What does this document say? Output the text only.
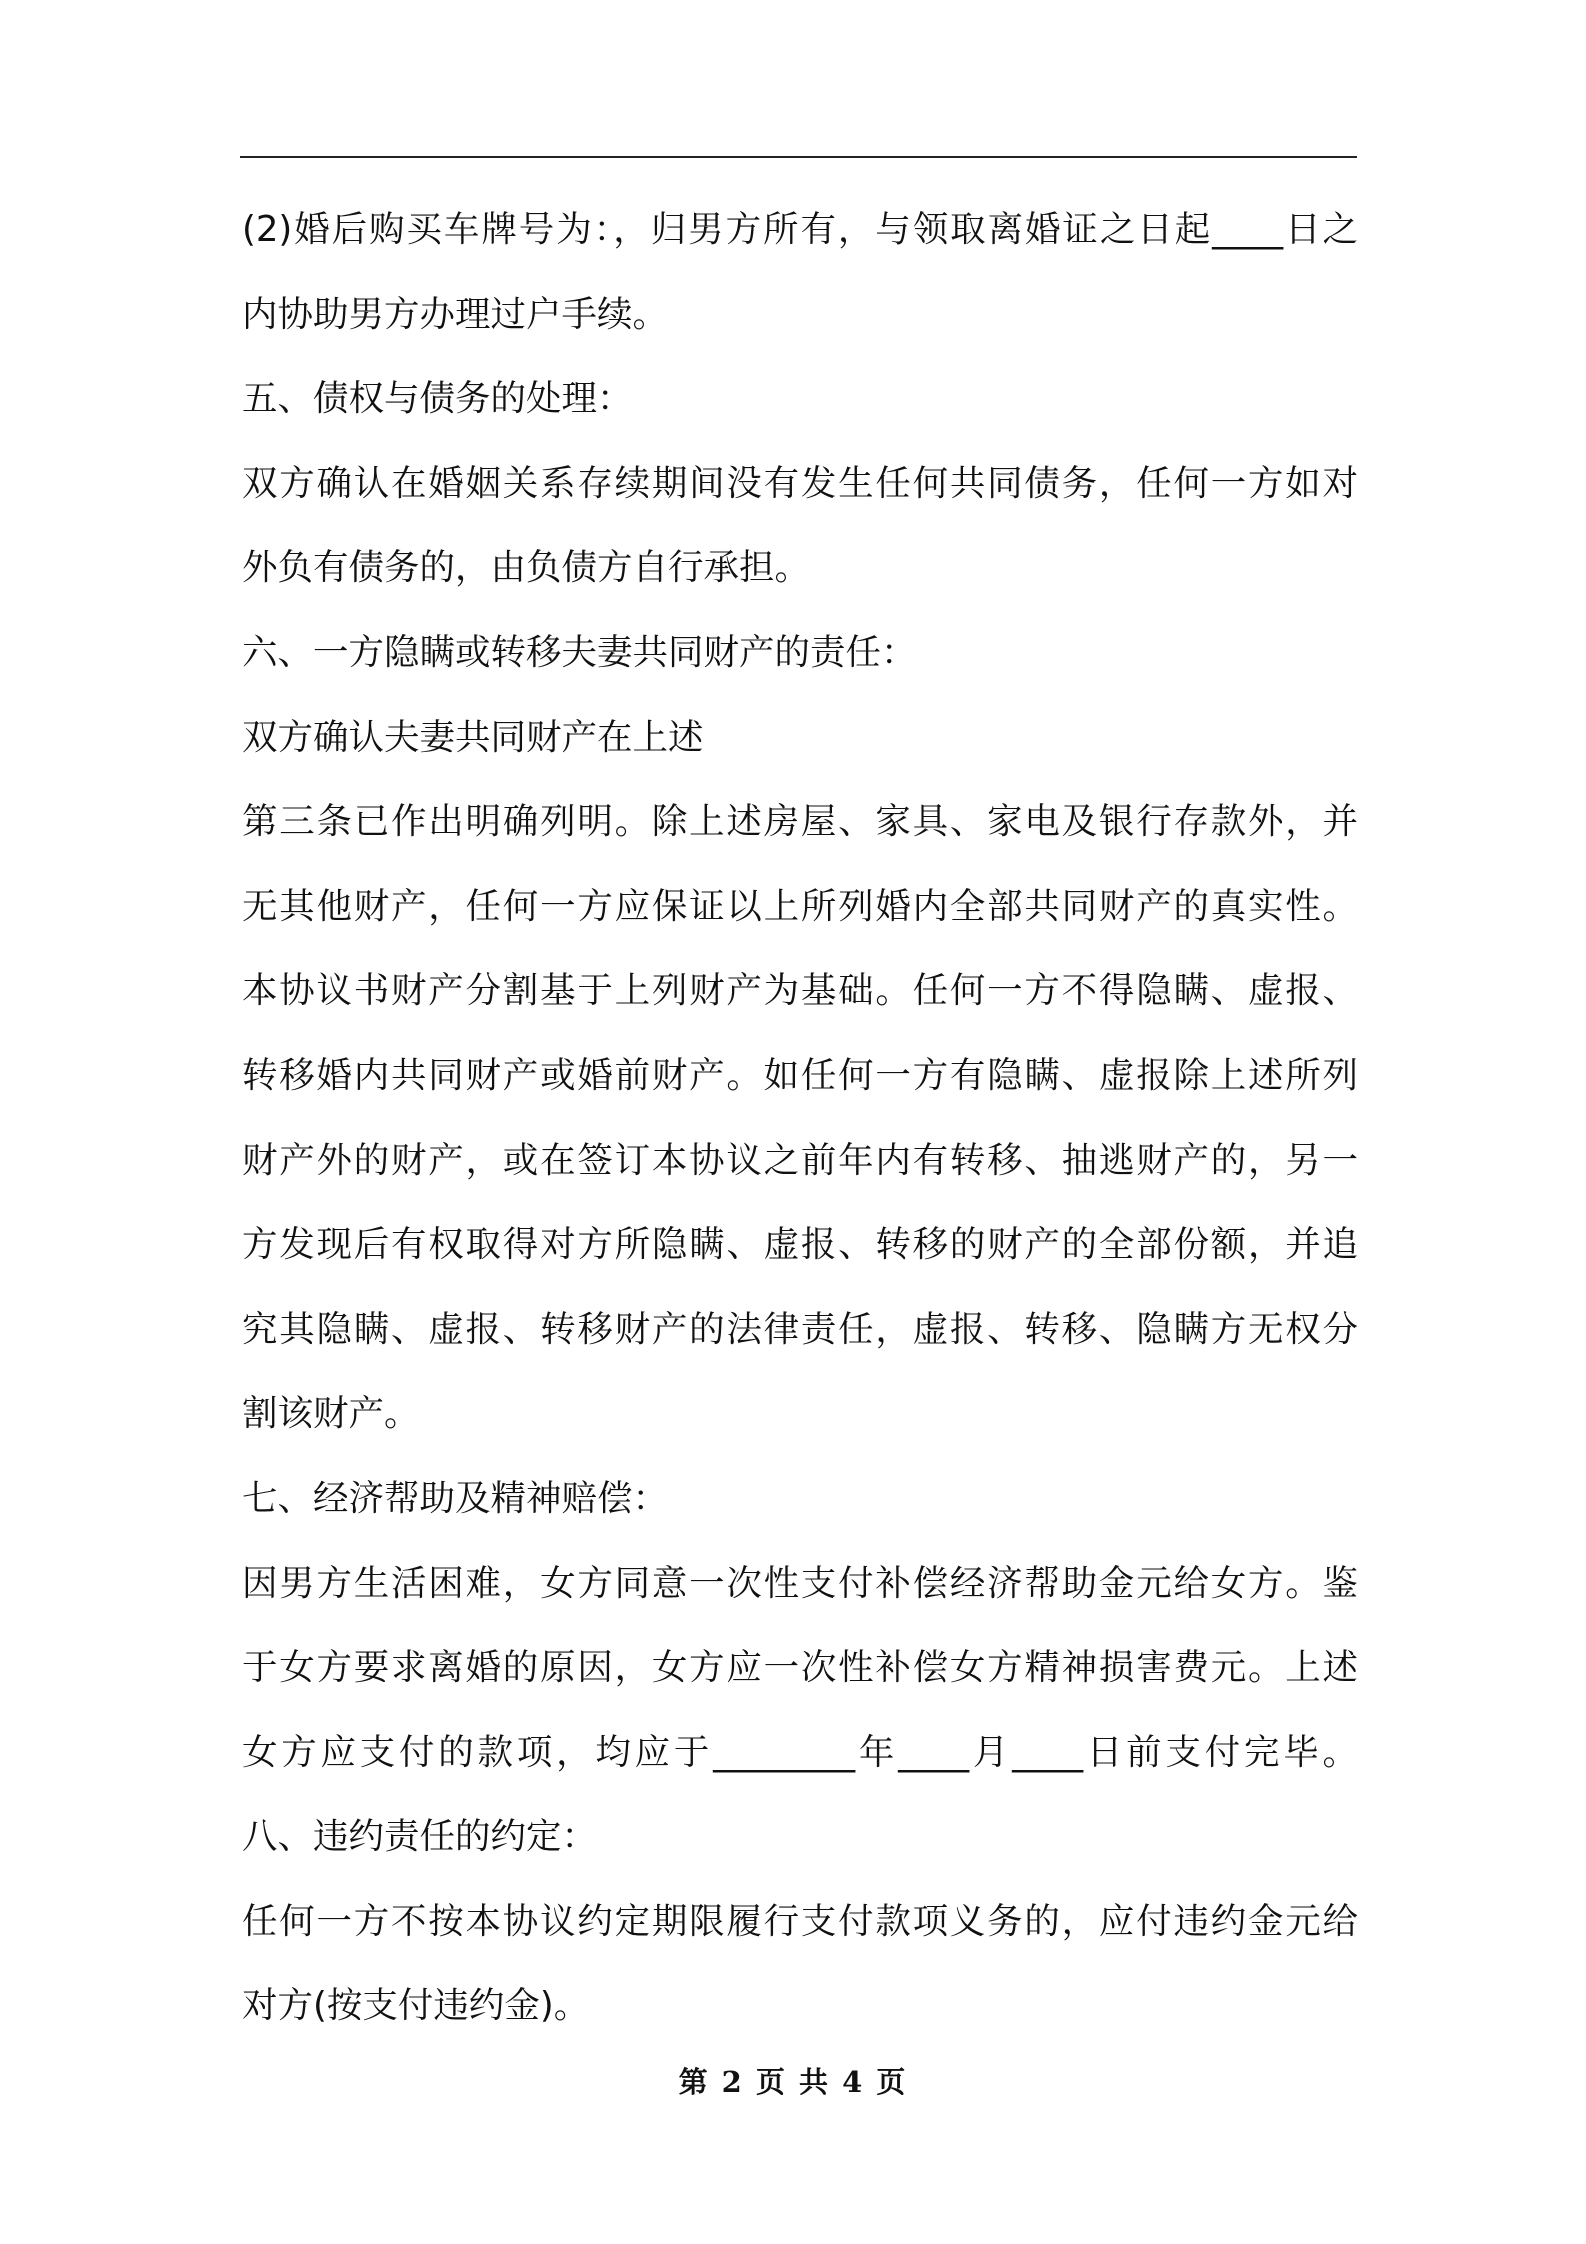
(2)婚后购买车牌号为：，归男方所有，与领取离婚证之日起____日之
内协助男方办理过户手续。
五、债权与债务的处理：
双方确认在婚姻关系存续期间没有发生任何共同债务，任何一方如对
外负有债务的，由负债方自行承担。
六、一方隐瞒或转移夫妻共同财产的责任：
双方确认夫妻共同财产在上述
第三条已作出明确列明。除上述房屋、家具、家电及银行存款外，并
无其他财产，任何一方应保证以上所列婚内全部共同财产的真实性。
本协议书财产分割基于上列财产为基础。任何一方不得隐瞒、虚报、
转移婚内共同财产或婚前财产。如任何一方有隐瞒、虚报除上述所列
财产外的财产，或在签订本协议之前年内有转移、抽逃财产的，另一
方发现后有权取得对方所隐瞒、虚报、转移的财产的全部份额，并追
究其隐瞒、虚报、转移财产的法律责任，虚报、转移、隐瞒方无权分
割该财产。
七、经济帮助及精神赔偿：
因男方生活困难，女方同意一次性支付补偿经济帮助金元给女方。鉴
于女方要求离婚的原因，女方应一次性补偿女方精神损害费元。上述
女方应支付的款项，均应于________年____月____日前支付完毕。
八、违约责任的约定：
任何一方不按本协议约定期限履行支付款项义务的，应付违约金元给
对方(按支付违约金)。
第 2 页 共 4 页
